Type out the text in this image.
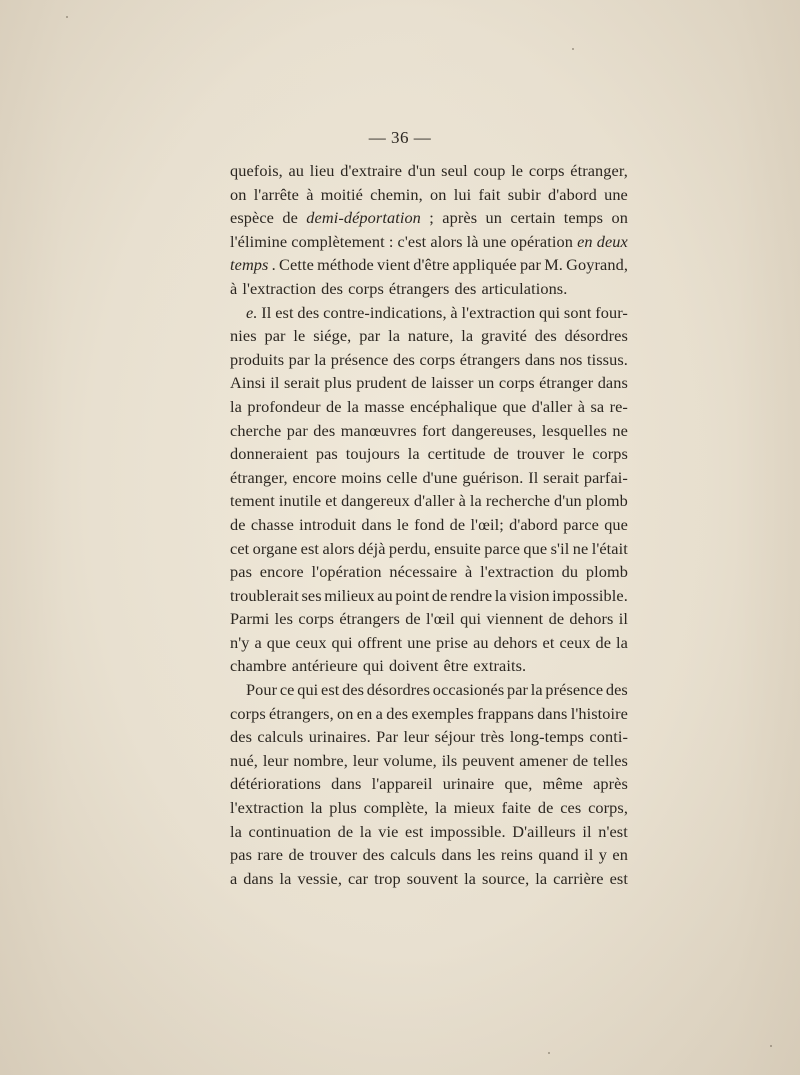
— 36 —
quefois, au lieu d'extraire d'un seul coup le corps étranger,
on l'arrête à moitié chemin, on lui fait subir d'abord une
espèce de demi-déportation ; après un certain temps on
l'élimine complètement : c'est alors là une opération en deux
temps . Cette méthode vient d'être appliquée par M. Goyrand,
à l'extraction des corps étrangers des articulations.
e. Il est des contre-indications, à l'extraction qui sont four-
nies par le siége, par la nature, la gravité des désordres
produits par la présence des corps étrangers dans nos tissus.
Ainsi il serait plus prudent de laisser un corps étranger dans
la profondeur de la masse encéphalique que d'aller à sa re-
cherche par des manœuvres fort dangereuses, lesquelles ne
donneraient pas toujours la certitude de trouver le corps
étranger, encore moins celle d'une guérison. Il serait parfai-
tement inutile et dangereux d'aller à la recherche d'un plomb
de chasse introduit dans le fond de l'œil; d'abord parce que
cet organe est alors déjà perdu, ensuite parce que s'il ne l'était
pas encore l'opération nécessaire à l'extraction du plomb
troublerait ses milieux au point de rendre la vision impossible.
Parmi les corps étrangers de l'œil qui viennent de dehors il
n'y a que ceux qui offrent une prise au dehors et ceux de la
chambre antérieure qui doivent être extraits.
Pour ce qui est des désordres occasionés par la présence des
corps étrangers, on en a des exemples frappans dans l'histoire
des calculs urinaires. Par leur séjour très long-temps conti-
nué, leur nombre, leur volume, ils peuvent amener de telles
détériorations dans l'appareil urinaire que, même après
l'extraction la plus complète, la mieux faite de ces corps,
la continuation de la vie est impossible. D'ailleurs il n'est
pas rare de trouver des calculs dans les reins quand il y en
a dans la vessie, car trop souvent la source, la carrière est
